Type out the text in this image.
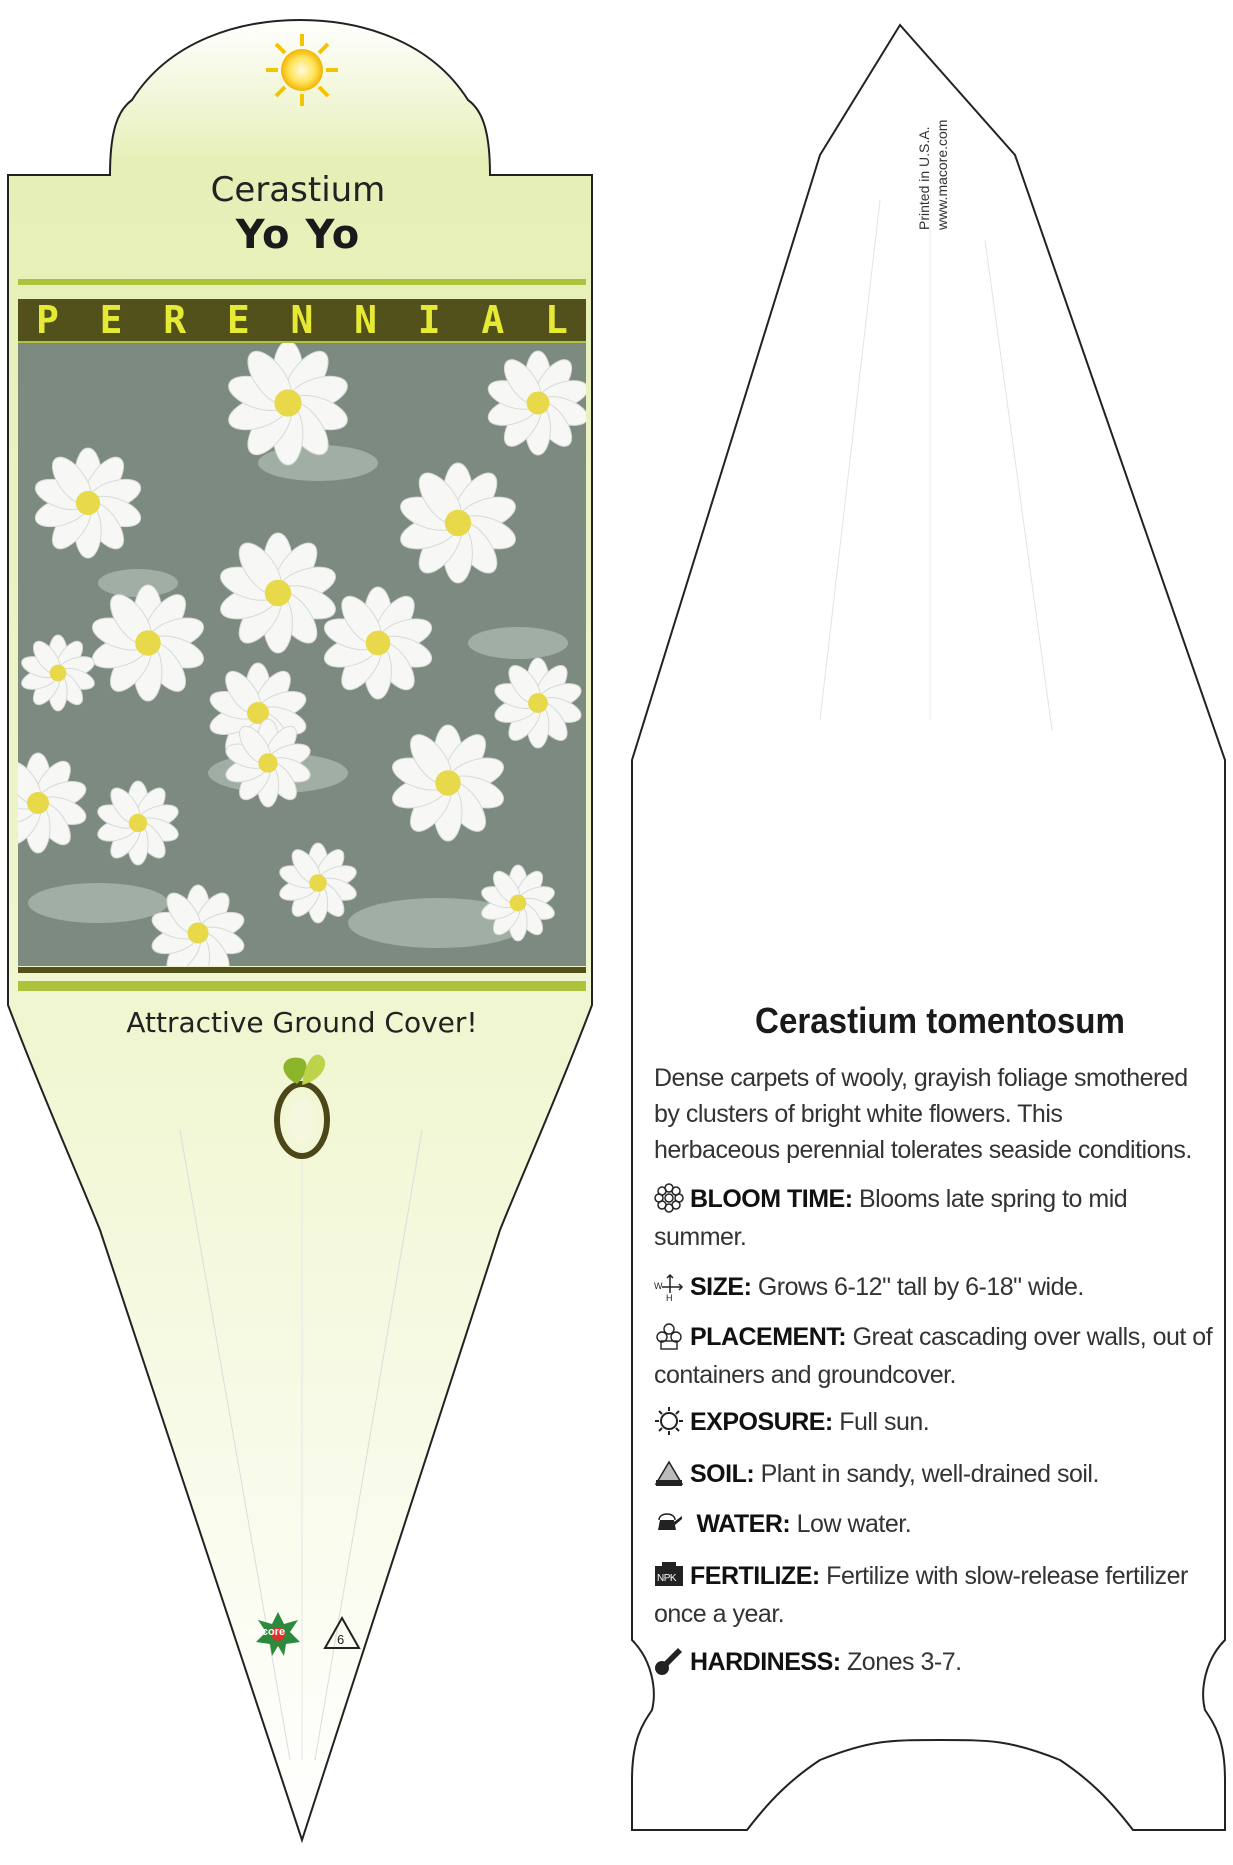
Cerastium
Yo Yo
P E R E N N I A L
Attractive Ground Cover!
macore	6
Printed in U.S.A. www.macore.com
Cerastium tomentosum
Dense carpets of wooly, grayish foliage smothered by clusters of bright white flowers. This herbaceous perennial tolerates seaside conditions.
BLOOM TIME: Blooms late spring to mid summer.
W
H SIZE: Grows 6-12" tall by 6-18" wide.
PLACEMENT: Great cascading over walls, out of containers and groundcover.
EXPOSURE: Full sun.
SOIL: Plant in sandy, well-drained soil.
WATER: Low water.
NPK FERTILIZE: Fertilize with slow-release fertilizer once a year.
HARDINESS: Zones 3-7.
